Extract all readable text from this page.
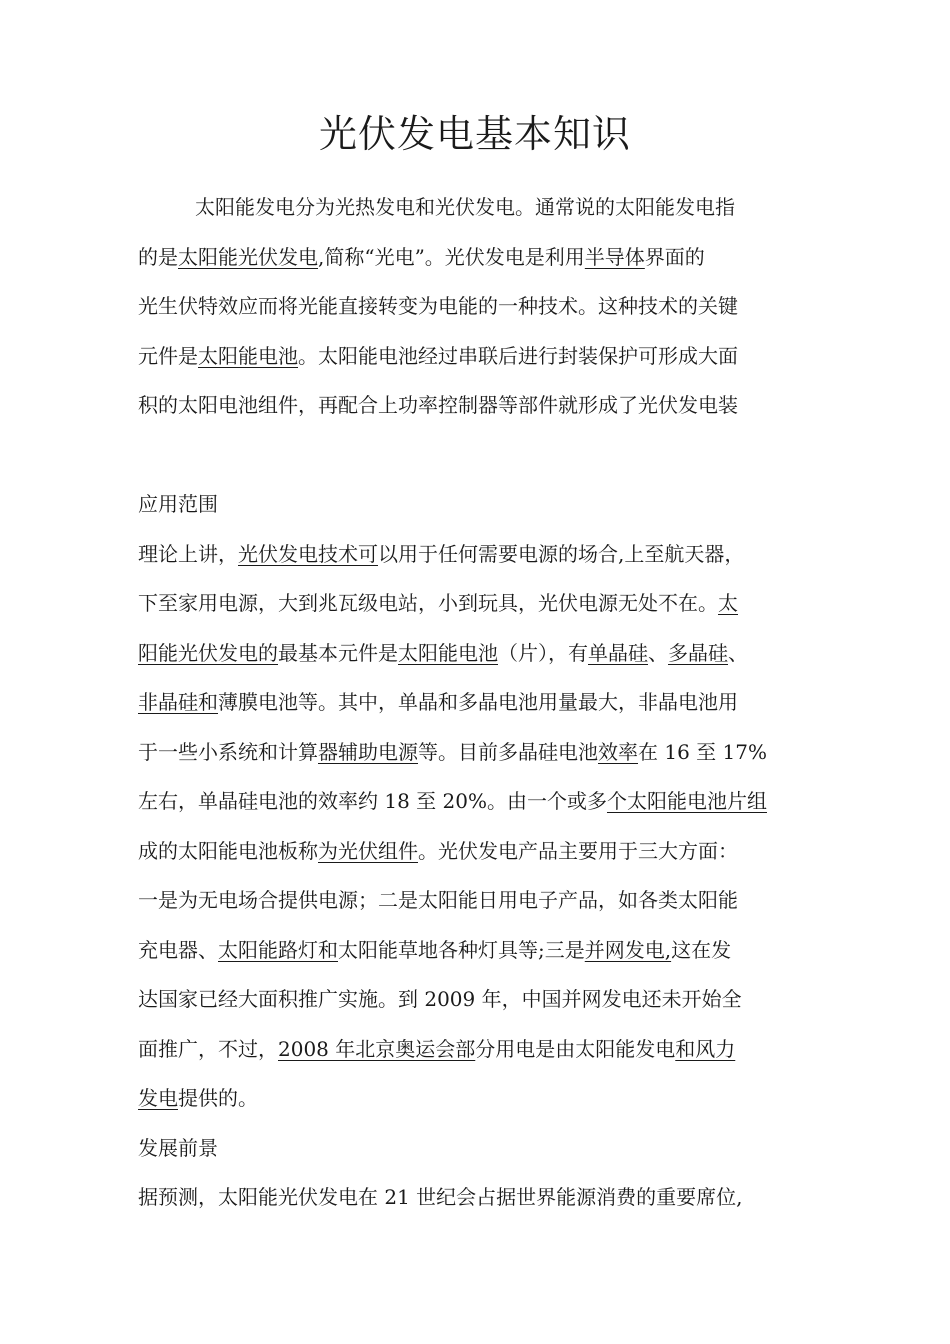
光伏发电基本知识
太阳能发电分为光热发电和光伏发电。通常说的太阳能发电指
的是太阳能光伏发电,简称“光电”。光伏发电是利用半导体界面的
光生伏特效应而将光能直接转变为电能的一种技术。这种技术的关键
元件是太阳能电池。太阳能电池经过串联后进行封装保护可形成大面
积的太阳电池组件，再配合上功率控制器等部件就形成了光伏发电装
应用范围
理论上讲，光伏发电技术可以用于任何需要电源的场合,上至航天器，
下至家用电源，大到兆瓦级电站，小到玩具，光伏电源无处不在。太
阳能光伏发电的最基本元件是太阳能电池（片），有单晶硅、多晶硅、
非晶硅和薄膜电池等。其中，单晶和多晶电池用量最大，非晶电池用
于一些小系统和计算器辅助电源等。目前多晶硅电池效率在 16 至 17%
左右，单晶硅电池的效率约 18 至 20%。由一个或多个太阳能电池片组
成的太阳能电池板称为光伏组件。光伏发电产品主要用于三大方面：
一是为无电场合提供电源；二是太阳能日用电子产品，如各类太阳能
充电器、太阳能路灯和太阳能草地各种灯具等;三是并网发电,这在发
达国家已经大面积推广实施。到 2009 年，中国并网发电还未开始全
面推广，不过，2008 年北京奥运会部分用电是由太阳能发电和风力
发电提供的。
发展前景
据预测，太阳能光伏发电在 21 世纪会占据世界能源消费的重要席位,
